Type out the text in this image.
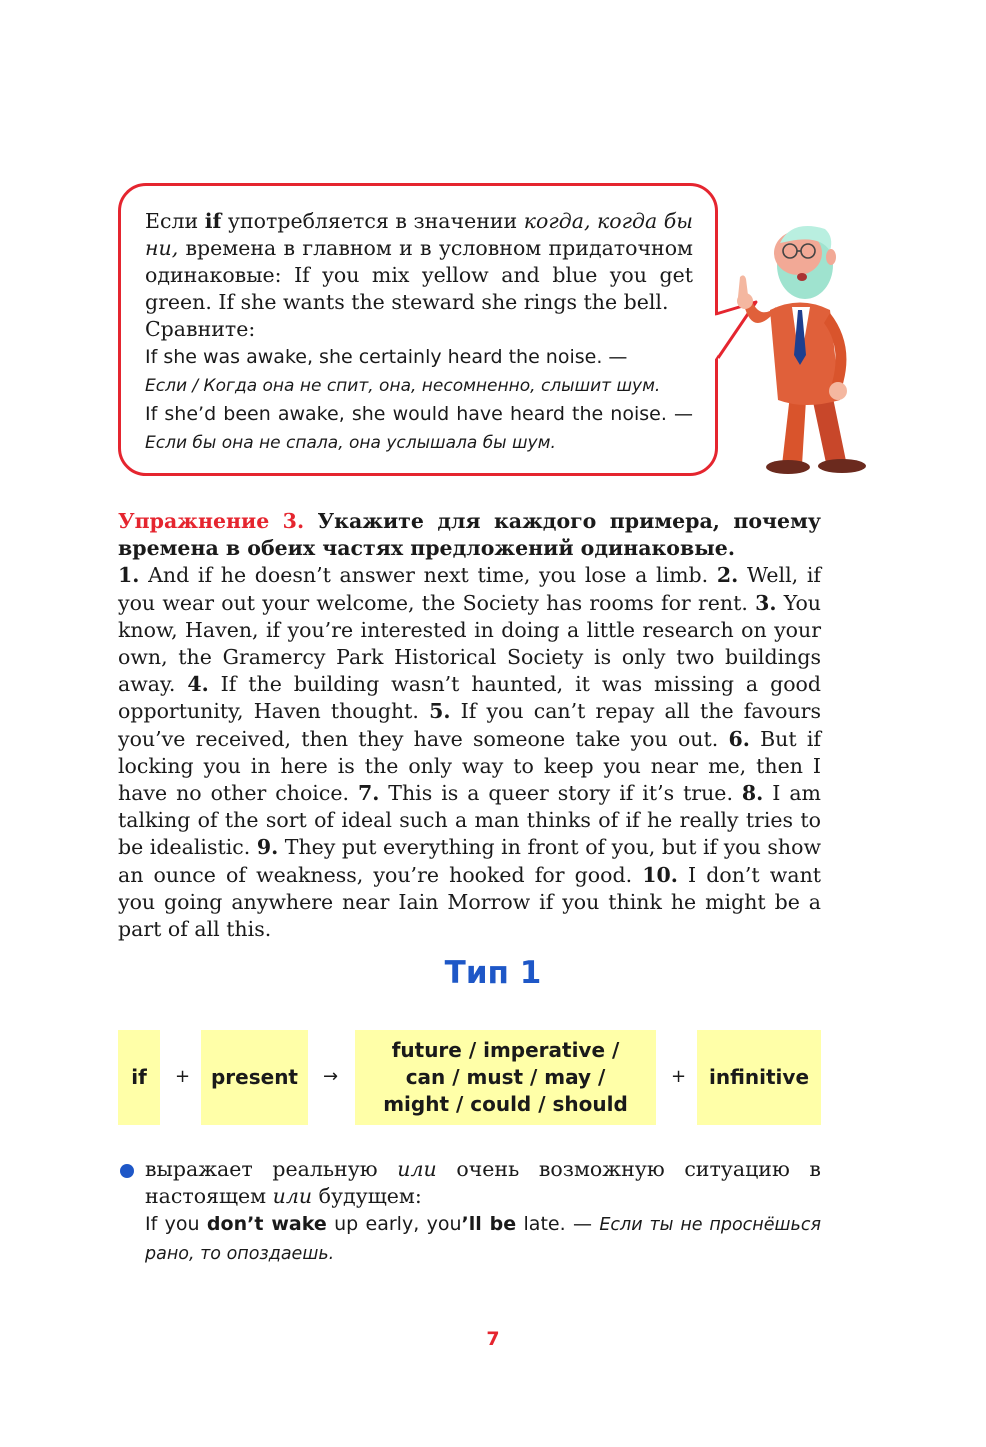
Если if употребляется в значении когда, когда бы ни, времена в главном и в условном придаточном одинаковые: If you mix yellow and blue you get green. If she wants the steward she rings the bell.
Сравните:
If she was awake, she certainly heard the noise. —
Если / Когда она не спит, она, несомненно, слышит шум.
If she’d been awake, she would have heard the noise. — Если бы она не спала, она услышала бы шум.
Упражнение 3. Укажите для каждого примера, почему времена в обеих частях предложений одинаковые.
1. And if he doesn’t answer next time, you lose a limb. 2. Well, if you wear out your welcome, the Society has rooms for rent. 3. You know, Haven, if you’re interested in doing a little research on your own, the Gramercy Park Historical Society is only two buildings away. 4. If the building wasn’t haunted, it was missing a good opportunity, Haven thought. 5. If you can’t repay all the favours you’ve received, then they have someone take you out. 6. But if locking you in here is the only way to keep you near me, then I have no other choice. 7. This is a queer story if it’s true. 8. I am talking of the sort of ideal such a man thinks of if he really tries to be idealistic. 9. They put everything in front of you, but if you show an ounce of weakness, you’re hooked for good. 10. I don’t want you going anywhere near Iain Morrow if you think he might be a part of all this.
Тип 1
if	+	present	→
future / imperative /
can / must / may /
might / could / should
+	infinitive
выражает реальную или очень возможную ситуацию в настоящем или будущем:
If you don’t wake up early, you’ll be late. — Если ты не проснёшься рано, то опоздаешь.
7
